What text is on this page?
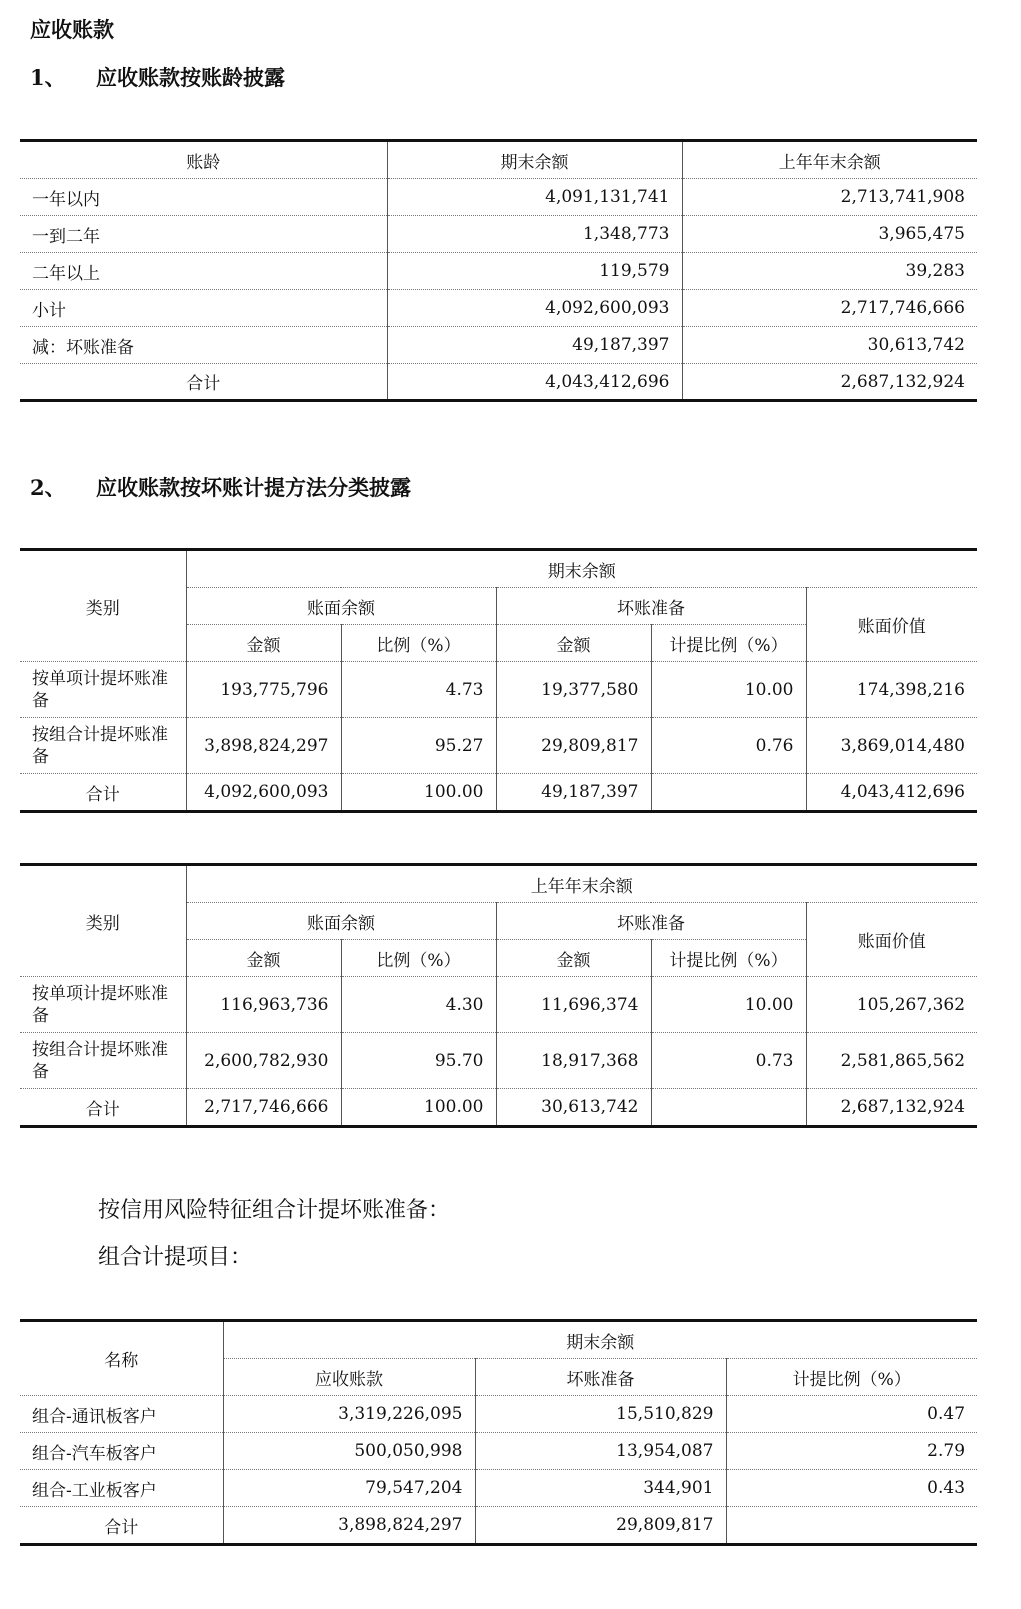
应收账款
1、 应收账款按账龄披露
账龄	期末余额	上年年末余额
一年以内	4,091,131,741	2,713,741,908
一到二年	1,348,773	3,965,475
二年以上	119,579	39,283
小计	4,092,600,093	2,717,746,666
减：坏账准备	49,187,397	30,613,742
合计	4,043,412,696	2,687,132,924
2、 应收账款按坏账计提方法分类披露
类别	期末余额				
	账面余额		坏账准备		账面价值
	金额	比例（%）	金额	计提比例（%）	
按单项计提坏账准备	193,775,796	4.73	19,377,580	10.00	174,398,216
按组合计提坏账准备	3,898,824,297	95.27	29,809,817	0.76	3,869,014,480
合计	4,092,600,093	100.00	49,187,397		4,043,412,696
类别	上年年末余额				
	账面余额		坏账准备		账面价值
	金额	比例（%）	金额	计提比例（%）	
按单项计提坏账准备	116,963,736	4.30	11,696,374	10.00	105,267,362
按组合计提坏账准备	2,600,782,930	95.70	18,917,368	0.73	2,581,865,562
合计	2,717,746,666	100.00	30,613,742		2,687,132,924
按信用风险特征组合计提坏账准备：
组合计提项目：
名称	期末余额		
	应收账款	坏账准备	计提比例（%）
组合-通讯板客户	3,319,226,095	15,510,829	0.47
组合-汽车板客户	500,050,998	13,954,087	2.79
组合-工业板客户	79,547,204	344,901	0.43
合计	3,898,824,297	29,809,817	
